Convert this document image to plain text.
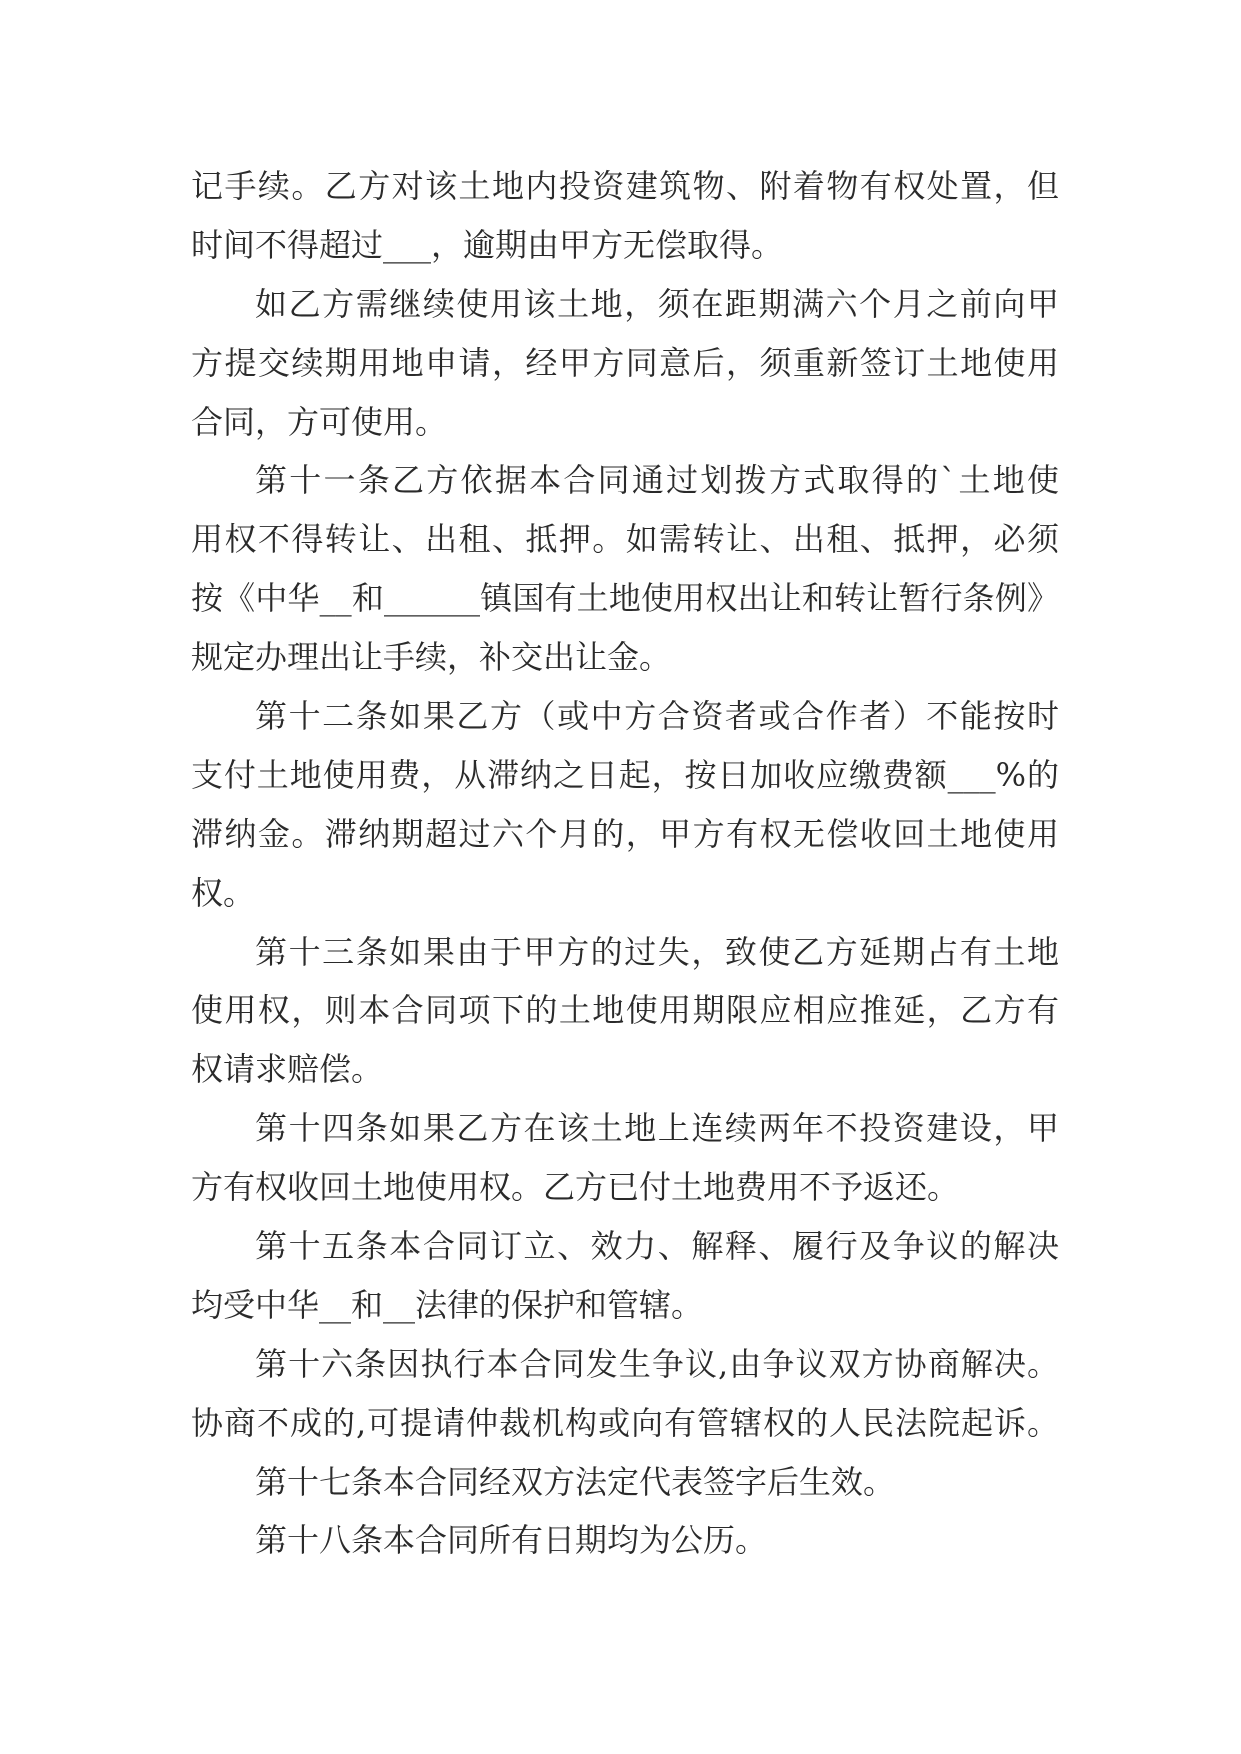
记手续。乙方对该土地内投资建筑物、附着物有权处置，但
时间不得超过___，逾期由甲方无偿取得。
如乙方需继续使用该土地，须在距期满六个月之前向甲
方提交续期用地申请，经甲方同意后，须重新签订土地使用
合同，方可使用。
第十一条乙方依据本合同通过划拨方式取得的`土地使
用权不得转让、出租、抵押。如需转让、出租、抵押，必须
按《中华__和______镇国有土地使用权出让和转让暂行条例》
规定办理出让手续，补交出让金。
第十二条如果乙方（或中方合资者或合作者）不能按时
支付土地使用费，从滞纳之日起，按日加收应缴费额___%的
滞纳金。滞纳期超过六个月的，甲方有权无偿收回土地使用
权。
第十三条如果由于甲方的过失，致使乙方延期占有土地
使用权，则本合同项下的土地使用期限应相应推延，乙方有
权请求赔偿。
第十四条如果乙方在该土地上连续两年不投资建设，甲
方有权收回土地使用权。乙方已付土地费用不予返还。
第十五条本合同订立、效力、解释、履行及争议的解决
均受中华__和__法律的保护和管辖。
第十六条因执行本合同发生争议,由争议双方协商解决。
协商不成的,可提请仲裁机构或向有管辖权的人民法院起诉。
第十七条本合同经双方法定代表签字后生效。
第十八条本合同所有日期均为公历。
